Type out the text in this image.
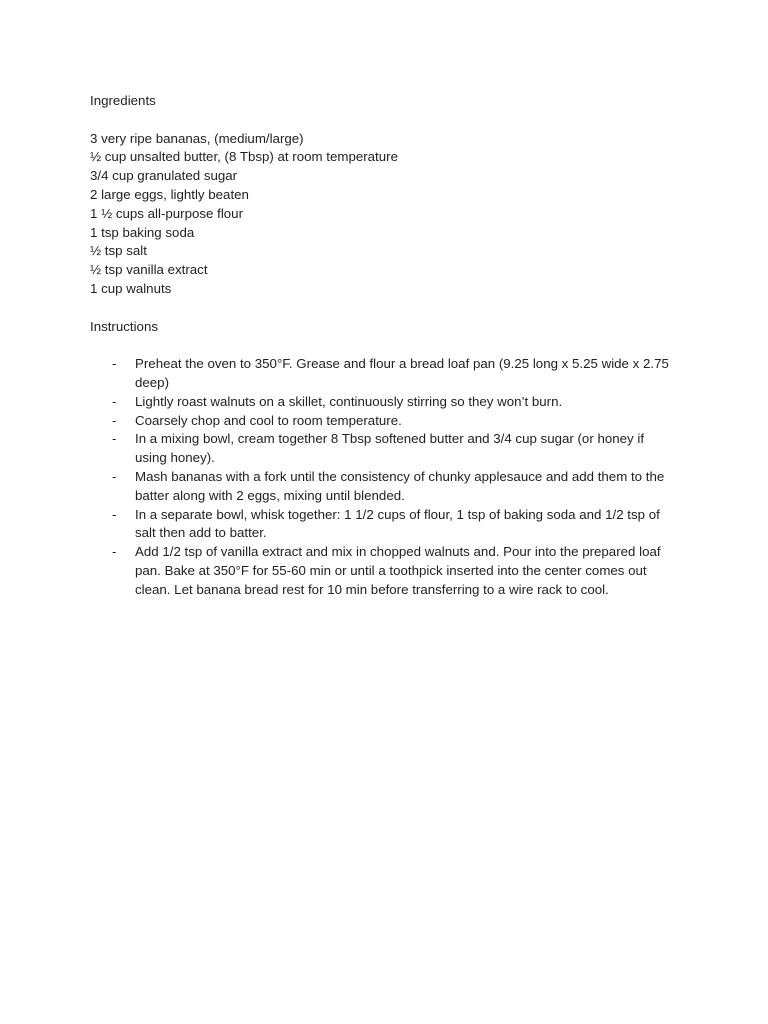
Ingredients

3 very ripe bananas, (medium/large)
½ cup unsalted butter, (8 Tbsp) at room temperature
3/4 cup granulated sugar
2 large eggs, lightly beaten
1 ½ cups all-purpose flour
1 tsp baking soda
½ tsp salt
½ tsp vanilla extract
1 cup walnuts

Instructions

- Preheat the oven to 350°F. Grease and flour a bread loaf pan (9.25 long x 5.25 wide x 2.75 deep)
- Lightly roast walnuts on a skillet, continuously stirring so they won’t burn.
- Coarsely chop and cool to room temperature.
- In a mixing bowl, cream together 8 Tbsp softened butter and 3/4 cup sugar (or honey if using honey).
- Mash bananas with a fork until the consistency of chunky applesauce and add them to the batter along with 2 eggs, mixing until blended.
- In a separate bowl, whisk together: 1 1/2 cups of flour, 1 tsp of baking soda and 1/2 tsp of salt then add to batter.
- Add 1/2 tsp of vanilla extract and mix in chopped walnuts and. Pour into the prepared loaf pan. Bake at 350°F for 55-60 min or until a toothpick inserted into the center comes out clean. Let banana bread rest for 10 min before transferring to a wire rack to cool.
